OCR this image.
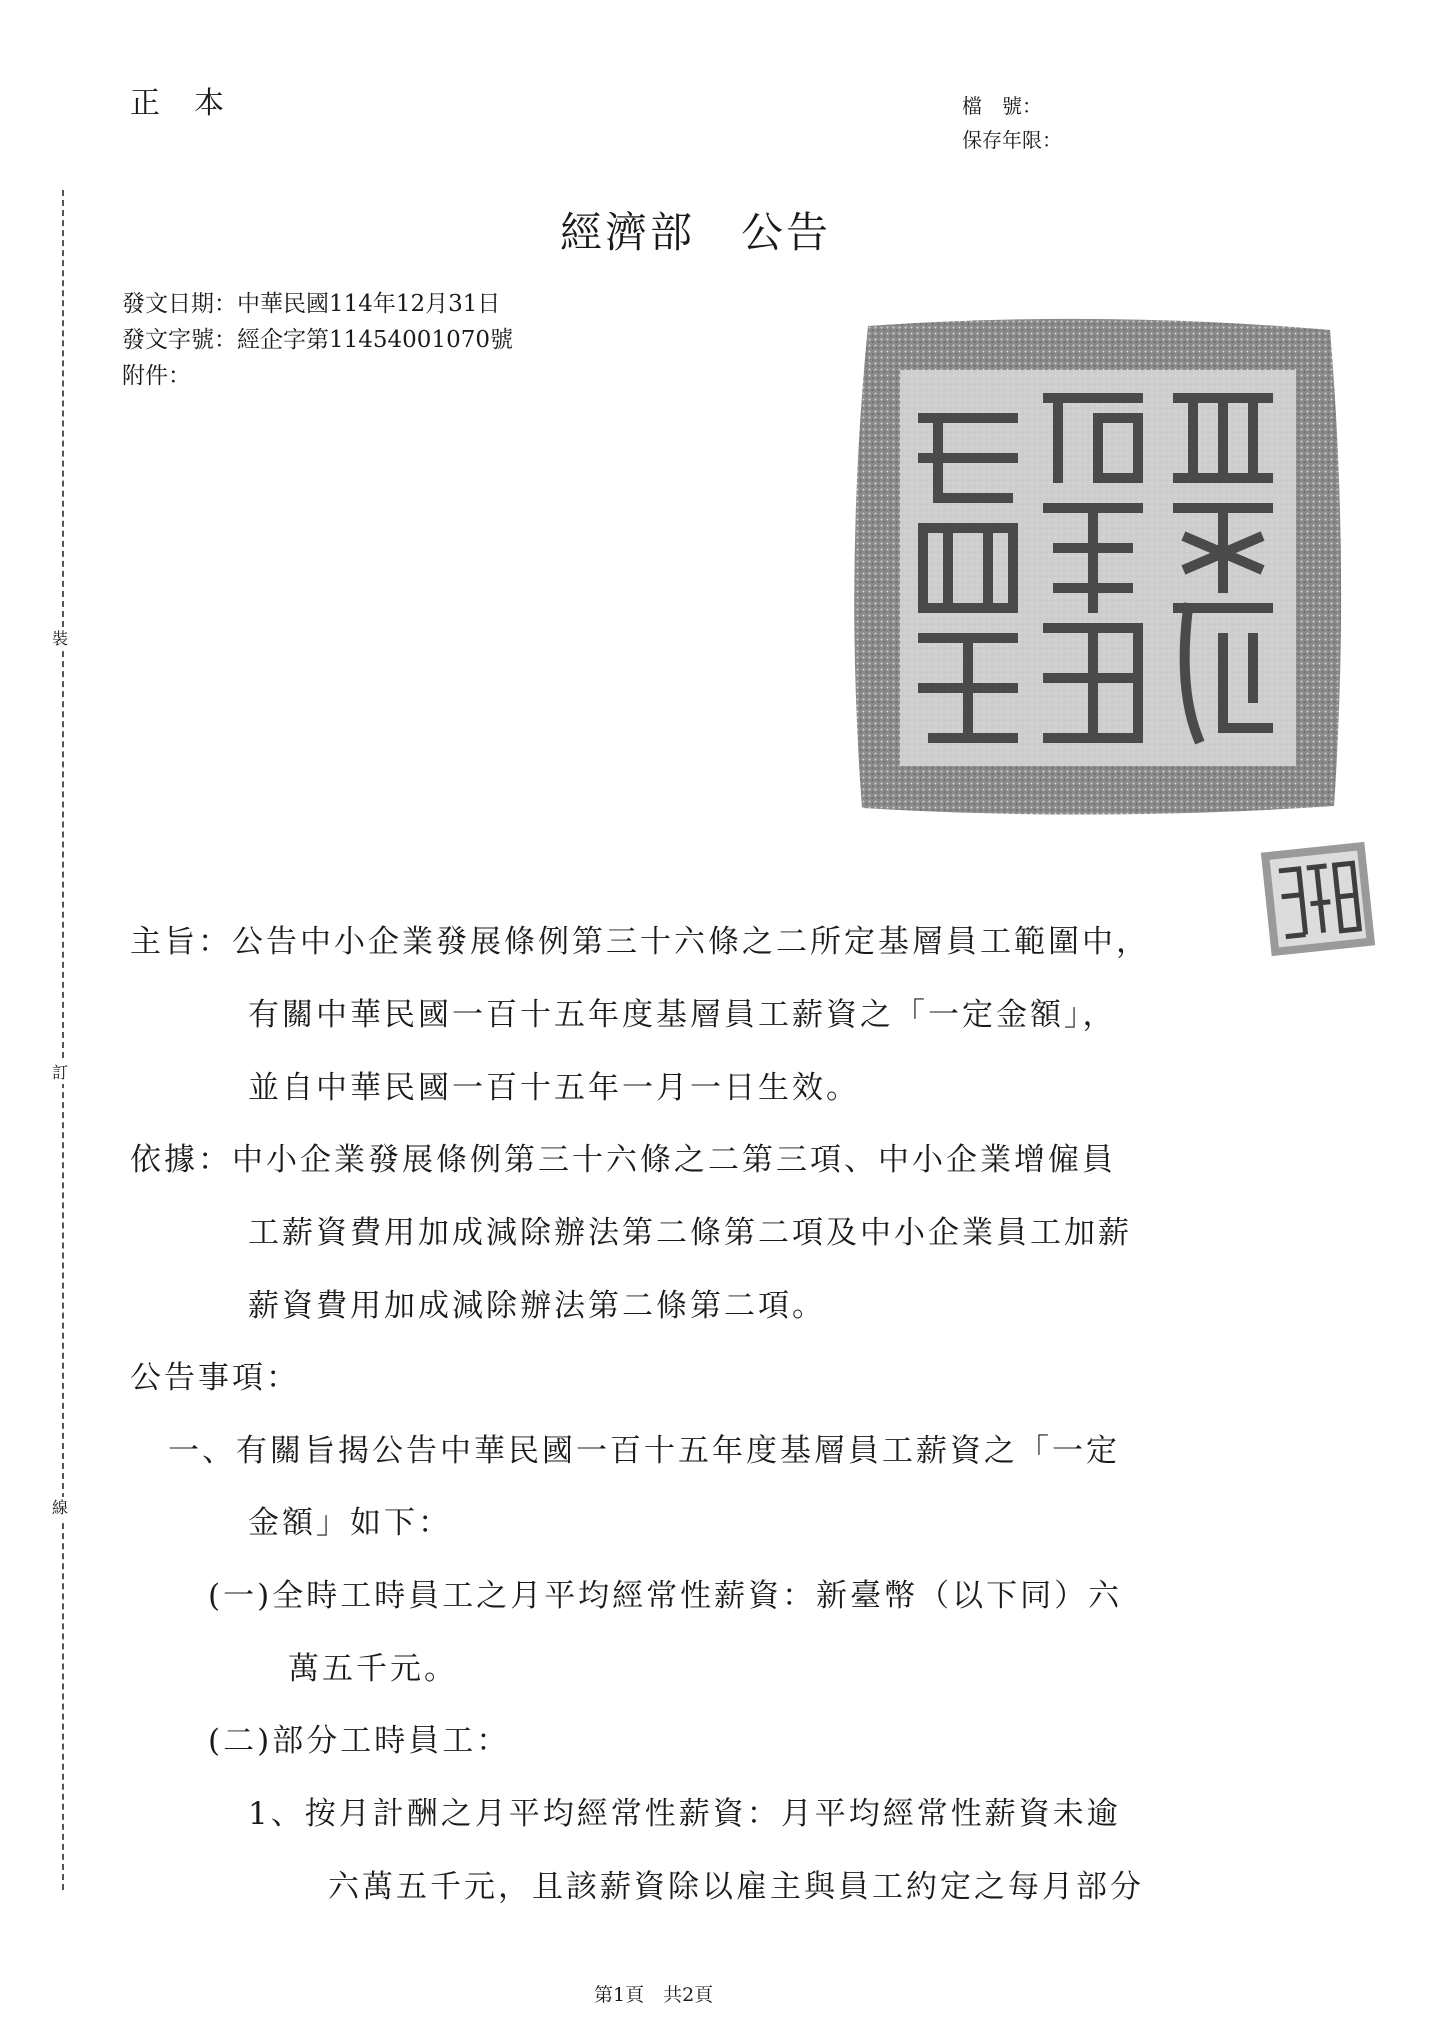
正 本	檔　號：
保存年限：
裝
訂
線
經濟部 公告
發文日期：中華民國114年12月31日
發文字號：經企字第11454001070號
附件：
主旨：公告中小企業發展條例第三十六條之二所定基層員工範圍中，
有關中華民國一百十五年度基層員工薪資之「一定金額」，
並自中華民國一百十五年一月一日生效。
依據：中小企業發展條例第三十六條之二第三項、中小企業增僱員
工薪資費用加成減除辦法第二條第二項及中小企業員工加薪
薪資費用加成減除辦法第二條第二項。
公告事項：
一、有關旨揭公告中華民國一百十五年度基層員工薪資之「一定
金額」如下：
(一)全時工時員工之月平均經常性薪資：新臺幣（以下同）六
萬五千元。
(二)部分工時員工：
1、按月計酬之月平均經常性薪資：月平均經常性薪資未逾
六萬五千元，且該薪資除以雇主與員工約定之每月部分
第1頁　共2頁
